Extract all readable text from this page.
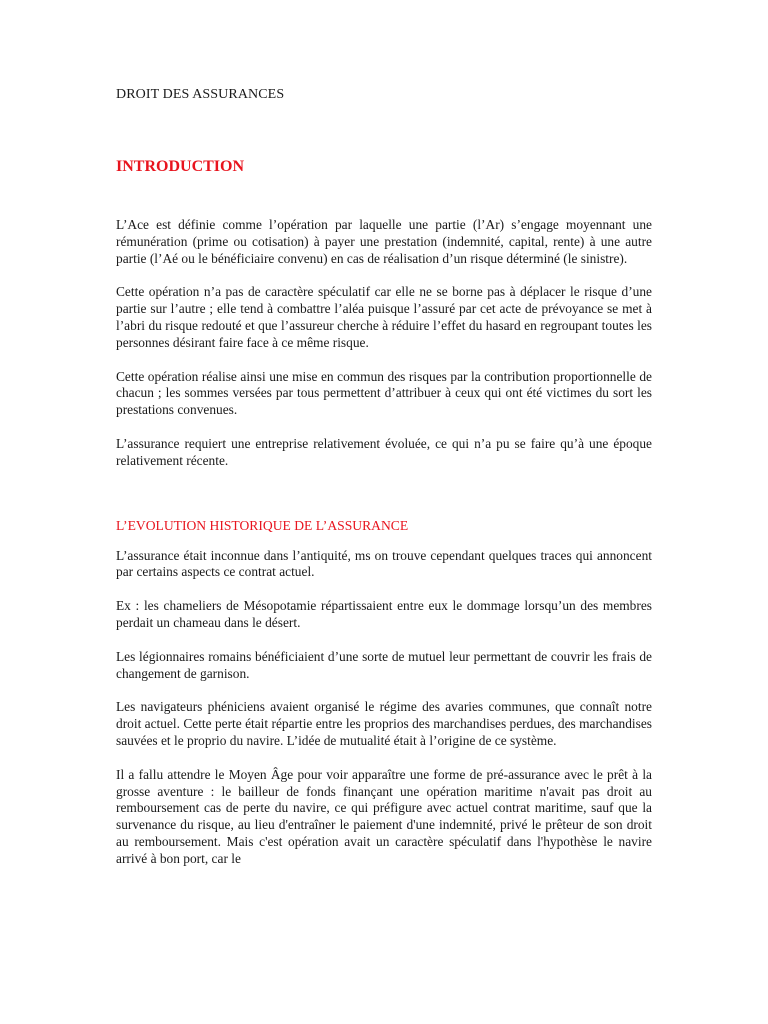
DROIT DES ASSURANCES

INTRODUCTION

L’Ace est définie comme l’opération par laquelle une partie (l’Ar) s’engage moyennant une rémunération (prime ou cotisation) à payer une prestation (indemnité, capital, rente) à une autre partie (l’Aé ou le bénéficiaire convenu) en cas de réalisation d’un risque déterminé (le sinistre).

Cette opération n’a pas de caractère spéculatif car elle ne se borne pas à déplacer le risque d’une partie sur l’autre ; elle tend à combattre l’aléa puisque l’assuré par cet acte de prévoyance se met à l’abri du risque redouté et que l’assureur cherche à réduire l’effet du hasard en regroupant toutes les personnes désirant faire face à ce même risque.

Cette opération réalise ainsi une mise en commun des risques par la contribution proportionnelle de chacun ; les sommes versées par tous permettent d’attribuer à ceux qui ont été victimes du sort les prestations convenues.

L’assurance requiert une entreprise relativement évoluée, ce qui n’a pu se faire qu’à une époque relativement récente.

L’EVOLUTION HISTORIQUE DE L’ASSURANCE

L’assurance était inconnue dans l’antiquité, ms on trouve cependant quelques traces qui annoncent par certains aspects ce contrat actuel.

Ex : les chameliers de Mésopotamie répartissaient entre eux le dommage lorsqu’un des membres perdait un chameau dans le désert.

Les légionnaires romains bénéficiaient d’une sorte de mutuel leur permettant de couvrir les frais de changement de garnison.

Les navigateurs phéniciens avaient organisé le régime des avaries communes, que connaît notre droit actuel. Cette perte était répartie entre les proprios des marchandises perdues, des marchandises sauvées et le proprio du navire. L’idée de mutualité était à l’origine de ce système.

Il a fallu attendre le Moyen Âge pour voir apparaître une forme de pré-assurance avec le prêt à la grosse aventure : le bailleur de fonds finançant une opération maritime n'avait pas droit au remboursement cas de perte du navire, ce qui préfigure avec actuel contrat maritime, sauf que la survenance du risque, au lieu d'entraîner le paiement d'une indemnité, privé le prêteur de son droit au remboursement. Mais c'est opération avait un caractère spéculatif dans l'hypothèse le navire arrivé à bon port, car le
